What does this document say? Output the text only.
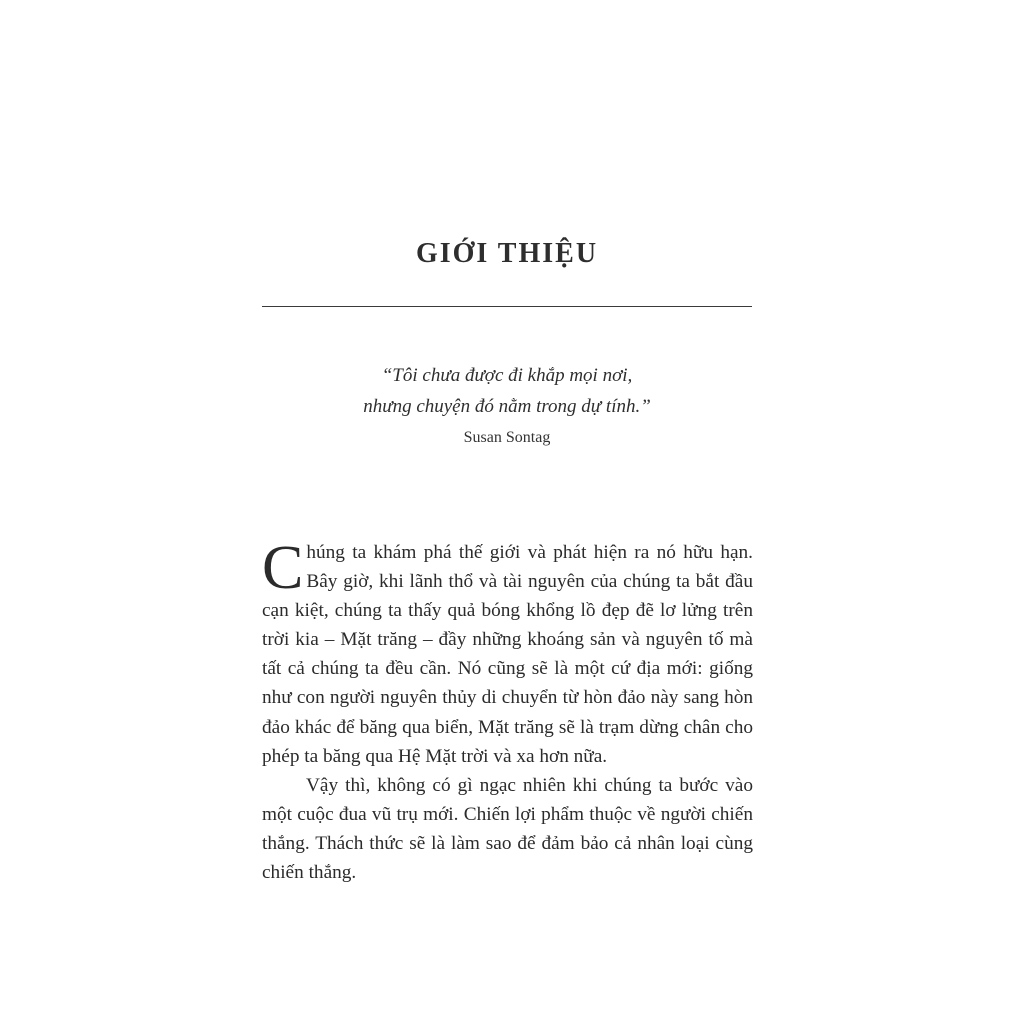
GIỚI THIỆU
“Tôi chưa được đi khắp mọi nơi,
nhưng chuyện đó nằm trong dự tính.”
Susan Sontag

Chúng ta khám phá thế giới và phát hiện ra nó hữu hạn. Bây giờ, khi lãnh thổ và tài nguyên của chúng ta bắt đầu cạn kiệt, chúng ta thấy quả bóng khổng lồ đẹp đẽ lơ lửng trên trời kia – Mặt trăng – đầy những khoáng sản và nguyên tố mà tất cả chúng ta đều cần. Nó cũng sẽ là một cứ địa mới: giống như con người nguyên thủy di chuyển từ hòn đảo này sang hòn đảo khác để băng qua biển, Mặt trăng sẽ là trạm dừng chân cho phép ta băng qua Hệ Mặt trời và xa hơn nữa.

Vậy thì, không có gì ngạc nhiên khi chúng ta bước vào một cuộc đua vũ trụ mới. Chiến lợi phẩm thuộc về người chiến thắng. Thách thức sẽ là làm sao để đảm bảo cả nhân loại cùng chiến thắng.
